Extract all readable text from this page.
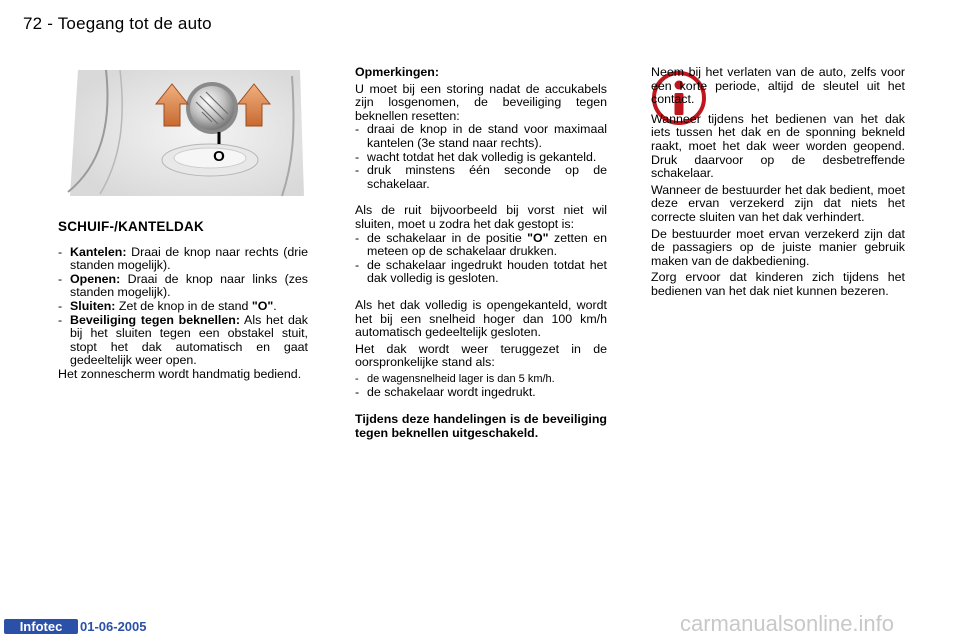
72 - Toegang tot de auto
O
SCHUIF-/KANTELDAK
- Kantelen: Draai de knop naar rechts (drie standen mogelijk).
- Openen: Draai de knop naar links (zes standen mogelijk).
- Sluiten: Zet de knop in de stand "O".
- Beveiliging tegen beknellen: Als het dak bij het sluiten tegen een obstakel stuit, stopt het dak automatisch en gaat gedeeltelijk weer open.

Het zonnescherm wordt handmatig bediend.

Opmerkingen:

U moet bij een storing nadat de accukabels zijn losgenomen, de beveiliging tegen beknellen resetten:

- draai de knop in de stand voor maximaal kantelen (3e stand naar rechts).
- wacht totdat het dak volledig is gekanteld.
- druk minstens één seconde op de schakelaar.

Als de ruit bijvoorbeeld bij vorst niet wil sluiten, moet u zodra het dak gestopt is:

- de schakelaar in de positie "O" zetten en meteen op de schakelaar drukken.
- de schakelaar ingedrukt houden totdat het dak volledig is gesloten.

Als het dak volledig is opengekanteld, wordt het bij een snelheid hoger dan 100 km/h automatisch gedeeltelijk gesloten.

Het dak wordt weer teruggezet in de oorspronkelijke stand als:

- de wagensnelheid lager is dan 5 km/h.
- de schakelaar wordt ingedrukt.

Tijdens deze handelingen is de beveiliging tegen beknellen uitgeschakeld.

Neem bij het verlaten van de auto, zelfs voor een korte periode, altijd de sleutel uit het contact.

Wanneer tijdens het bedienen van het dak iets tussen het dak en de sponning bekneld raakt, moet het dak weer worden geopend. Druk daarvoor op de desbetreffende schakelaar.

Wanneer de bestuurder het dak bedient, moet deze ervan verzekerd zijn dat niets het correcte sluiten van het dak verhindert.

De bestuurder moet ervan verzekerd zijn dat de passagiers op de juiste manier gebruik maken van de dakbediening.

Zorg ervoor dat kinderen zich tijdens het bedienen van het dak niet kunnen bezeren.

Infotec	01-06-2005	carmanualsonline.info
